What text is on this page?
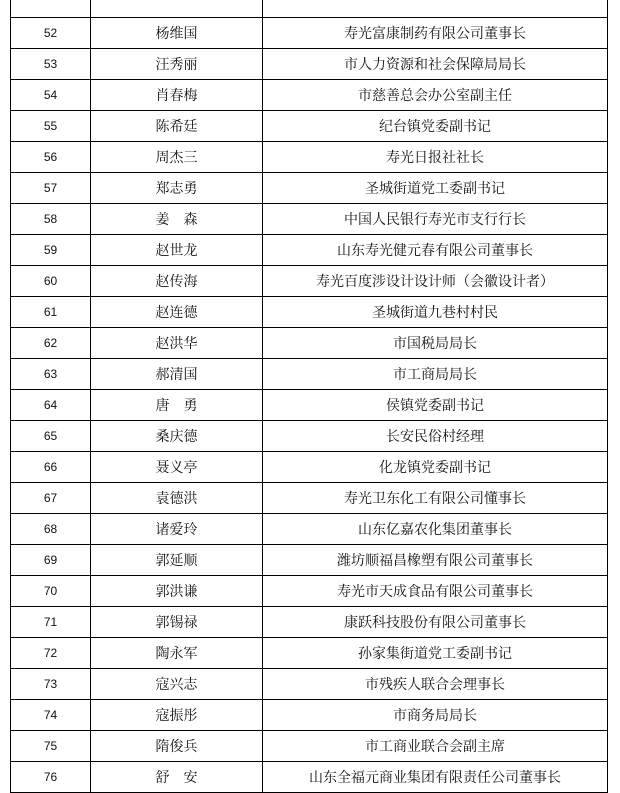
52	杨维国	寿光富康制药有限公司董事长
53	汪秀丽	市人力资源和社会保障局局长
54	肖春梅	市慈善总会办公室副主任
55	陈希廷	纪台镇党委副书记
56	周杰三	寿光日报社社长
57	郑志勇	圣城街道党工委副书记
58	姜　森	中国人民银行寿光市支行行长
59	赵世龙	山东寿光健元春有限公司董事长
60	赵传海	寿光百度涉设计设计师（会徽设计者）
61	赵连德	圣城街道九巷村村民
62	赵洪华	市国税局局长
63	郝清国	市工商局局长
64	唐　勇	侯镇党委副书记
65	桑庆德	长安民俗村经理
66	聂义亭	化龙镇党委副书记
67	袁德洪	寿光卫东化工有限公司懂事长
68	诸爱玲	山东亿嘉农化集团董事长
69	郭延顺	潍坊顺福昌橡塑有限公司董事长
70	郭洪谦	寿光市天成食品有限公司董事长
71	郭锡禄	康跃科技股份有限公司董事长
72	陶永军	孙家集街道党工委副书记
73	寇兴志	市残疾人联合会理事长
74	寇振彤	市商务局局长
75	隋俊兵	市工商业联合会副主席
76	舒　安	山东全福元商业集团有限责任公司董事长
